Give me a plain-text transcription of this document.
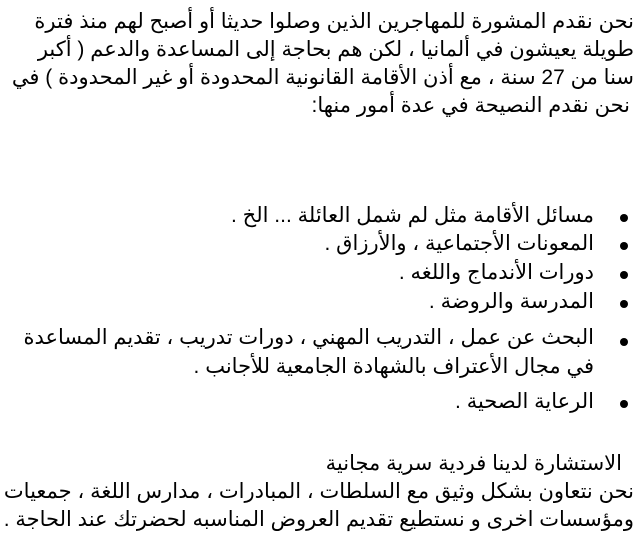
نحن نقدم المشورة للمهاجرين الذين وصلوا حديثا أو أصبح لهم منذ فترة
طويلة يعيشون في ألمانيا ، لكن هم بحاجة إلى المساعدة والدعم ( أكبر
سنا من 27 سنة ، مع أذن الأقامة القانونية المحدودة أو غير المحدودة ) في
نحن نقدم النصيحة في عدة أمور منها:
مسائل الأقامة مثل لم شمل العائلة ... الخ .
المعونات الأجتماعية ، والأرزاق .
دورات الأندماج واللغه .
المدرسة والروضة .
البحث عن عمل ، التدريب المهني ، دورات تدريب ، تقديم المساعدة
في مجال الأعتراف بالشهادة الجامعية للأجانب .
الرعاية الصحية .
الاستشارة لدينا فردية سرية مجانية
نحن نتعاون بشكل وثيق مع السلطات ، المبادرات ، مدارس اللغة ، جمعيات
ومؤسسات اخرى و نستطيع تقديم العروض المناسبه لحضرتك عند الحاجة .
